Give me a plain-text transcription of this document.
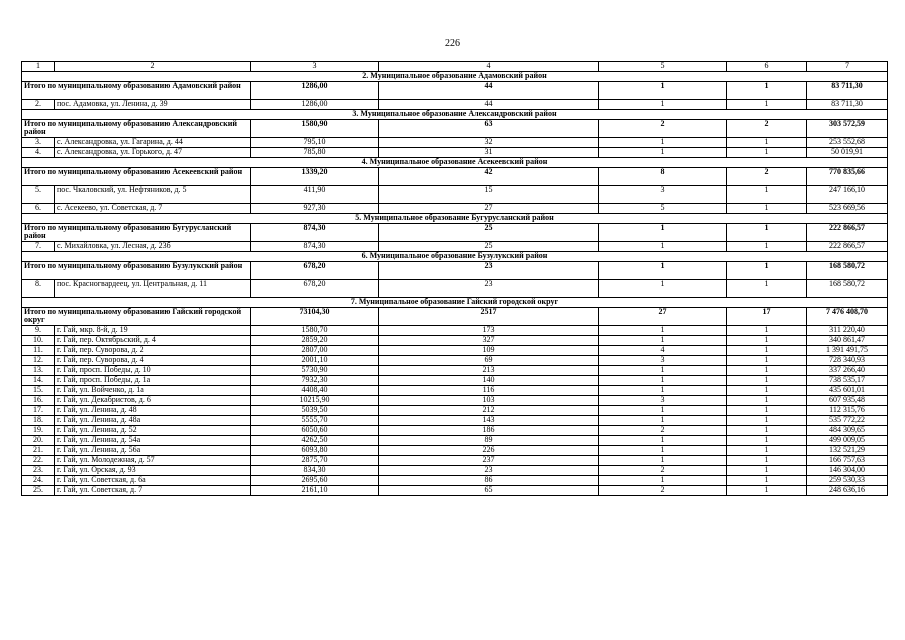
226
1	2	3	4	5	6	7
2. Муниципальное образование Адамовский район						
Итого по муниципальному образованию Адамовский район		1286,00	44	1	1	83 711,30
2.	пос. Адамовка, ул. Ленина, д. 39	1286,00	44	1	1	83 711,30
3. Муниципальное образование Александровский район						
Итого по муниципальному образованию Александровский район		1580,90	63	2	2	303 572,59
3.	с. Александровка, ул. Гагарина, д. 44	795,10	32	1	1	253 552,68
4.	с. Александровка, ул. Горького, д. 47	785,80	31	1	1	50 019,91
4. Муниципальное образование Асекеевский район						
Итого по муниципальному образованию Асекеевский район		1339,20	42	8	2	770 835,66
5.	пос. Чкаловский, ул. Нефтяников, д. 5	411,90	15	3	1	247 166,10
6.	с. Асекеево, ул. Советская, д. 7	927,30	27	5	1	523 669,56
5. Муниципальное образование Бугурусланский район						
Итого по муниципальному образованию Бугурусланский район		874,30	25	1	1	222 866,57
7.	с. Михайловка, ул. Лесная, д. 23б	874,30	25	1	1	222 866,57
6. Муниципальное образование Бузулукский район						
Итого по муниципальному образованию Бузулукский район		678,20	23	1	1	168 580,72
8.	пос. Красногвардеец, ул. Центральная, д. 11	678,20	23	1	1	168 580,72
7. Муниципальное образование Гайский городской округ						
Итого по муниципальному образованию Гайский городской округ		73104,30	2517	27	17	7 476 408,70
9.	г. Гай, мкр. 8-й, д. 19	1580,70	173	1	1	311 220,40
10.	г. Гай, пер. Октябрьский, д. 4	2859,20	327	1	1	340 861,47
11.	г. Гай, пер. Суворова, д. 2	2807,00	109	4	1	1 391 491,75
12.	г. Гай, пер. Суворова, д. 4	2001,10	69	3	1	728 340,93
13.	г. Гай, просп. Победы, д. 10	5730,90	213	1	1	337 266,40
14.	г. Гай, просп. Победы, д. 1а	7932,30	140	1	1	738 535,17
15.	г. Гай, ул. Войченко, д. 1а	4408,40	116	1	1	435 601,01
16.	г. Гай, ул. Декабристов, д. 6	10215,90	103	3	1	607 935,48
17.	г. Гай, ул. Ленина, д. 48	5039,50	212	1	1	112 315,76
18.	г. Гай, ул. Ленина, д. 48а	5555,70	143	1	1	535 772,22
19.	г. Гай, ул. Ленина, д. 52	6050,60	186	2	1	484 309,65
20.	г. Гай, ул. Ленина, д. 54а	4262,50	89	1	1	499 009,05
21.	г. Гай, ул. Ленина, д. 56а	6093,80	226	1	1	132 521,29
22.	г. Гай, ул. Молодежная, д. 57	2875,70	237	1	1	166 757,63
23.	г. Гай, ул. Орская, д. 93	834,30	23	2	1	146 304,00
24.	г. Гай, ул. Советская, д. 6а	2695,60	86	1	1	259 530,33
25.	г. Гай, ул. Советская, д. 7	2161,10	65	2	1	248 636,16
